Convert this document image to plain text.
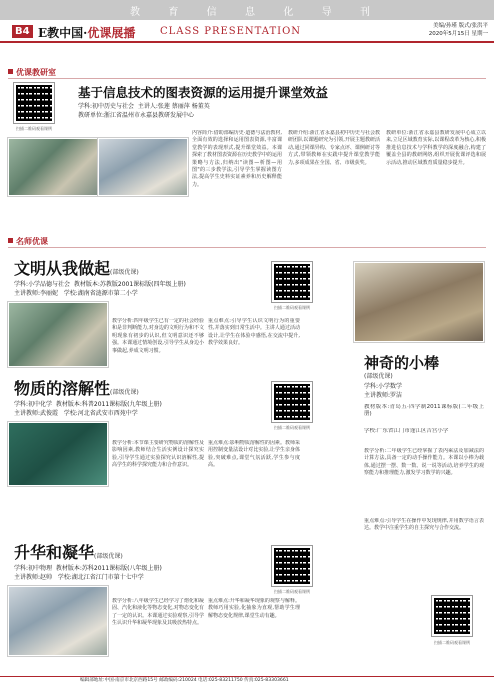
教	育	信	息	化	导	刊
B4 E教中国·优课展播 CLASS PRESENTATION	美编/孙瑾 版式/张洪平
2020年5月15日 星期一
优课教研室
扫描二维码观看课例
基于信息技术的图表资源的运用提升课堂效益
学科:初中历史与社会 主讲人:张莲 蔡丽萍 杨董英
教研单位:浙江省温州市永嘉县教研发展中心
内容简介:借助部编历史·道德与法治教材,全面有效的选择和运用图表资源,丰富课堂教学的表现形式,提升课堂效益。本课探索了教材图表资源在历史教学中的运用策略与方法,归纳出"读图—析图—用图"的三步教学法,引导学生掌握读图方法,提高学生史料实证素养和历史解释能力。
教研介绍:浙江省永嘉县初中历史与社会教研团队以课题研究为引领,开展主题教研活动,通过同课异构、专家点评、课例研讨等方式,带领教师在实践中提升课堂教学能力,多项成果在全国、省、市级获奖。
教研单位:浙江省永嘉县教研发展中心成立以来,立足区域教育实际,以课程改革为核心,积极推进信息技术与学科教学的深度融合,构建了覆盖全县的教研网络,组织开展优课评选和展示活动,推动区域教育质量稳步提升。
名师优课
文明从我做起(部级优课)
学科:小学品德与社会 教材版本:苏教版2001课标版(四年级上册)
主讲教师:李丽妮 学校:湖南省涟源市第二小学
扫描二维码观看课例
教学分析:四年级学生已有一定的社会经验和是非判断能力,对身边的文明行为和不文明现象有初步的认识,但文明意识还不够强。本课通过情境创设,引导学生从身边小事做起,养成文明习惯。
重点难点:引导学生认识文明行为的重要性,并落实到日常生活中。主讲人通过活动设计,让学生在体验中感悟,在交流中提升,教学效果良好。
物质的溶解性(部级优课)
学科:初中化学 教材版本:科普2011课标版(九年级上册)
主讲教师:武俊霞 学校:河北省武安市西苑中学
扫描二维码观看课例
教学分析:本节课主要研究物质的溶解性及影响因素,教师结合生活实例设计探究实验,引导学生通过实验探究认识溶解性,提高学生的科学探究能力和合作意识。
重点难点:影响物质溶解性的因素。教师采用控制变量法设计对比实验,让学生亲身体验,突破难点,课堂气氛活跃,学生参与度高。
升华和凝华(部级优课)
学科:初中物理 教材版本:苏科2011课标版(八年级上册)
主讲教师:赵帅 学校:湖北江省江门市第十七中学
扫描二维码观看课例
教学分析:八年级学生已经学习了熔化和凝固、汽化和液化等物态变化,对物态变化有了一定的认识。本课通过实验观察,引导学生认识升华和凝华现象及其吸放热特点。
重点难点:升华和凝华现象的观察与解释。教师巧用实验,化抽象为直观,帮助学生理解物态变化规律,课堂生动有趣。
神奇的小棒
(部级优课)
学科:小学数学
主讲教师:罗洁
教材版本:青岛五·四学制2011课标版(二年级上册)
学校:广东省江门市蓬江区吉宫小学
教学分析:二年级学生已经掌握了表内乘法及加减法的计算方法,具备一定的动手操作能力。本课以小棒为载体,通过摆一摆、数一数、说一说等活动,培养学生的观察能力和推理能力,激发学习数学的兴趣。
重点难点:引导学生在操作中发现规律,并用数学语言表达。教学中注重学生的自主探究与合作交流。
扫描二维码观看课例
编辑部地址:中国·南京市北京西路15号 邮政编码:210024 电话:025-83211750 传真:025-83303661
